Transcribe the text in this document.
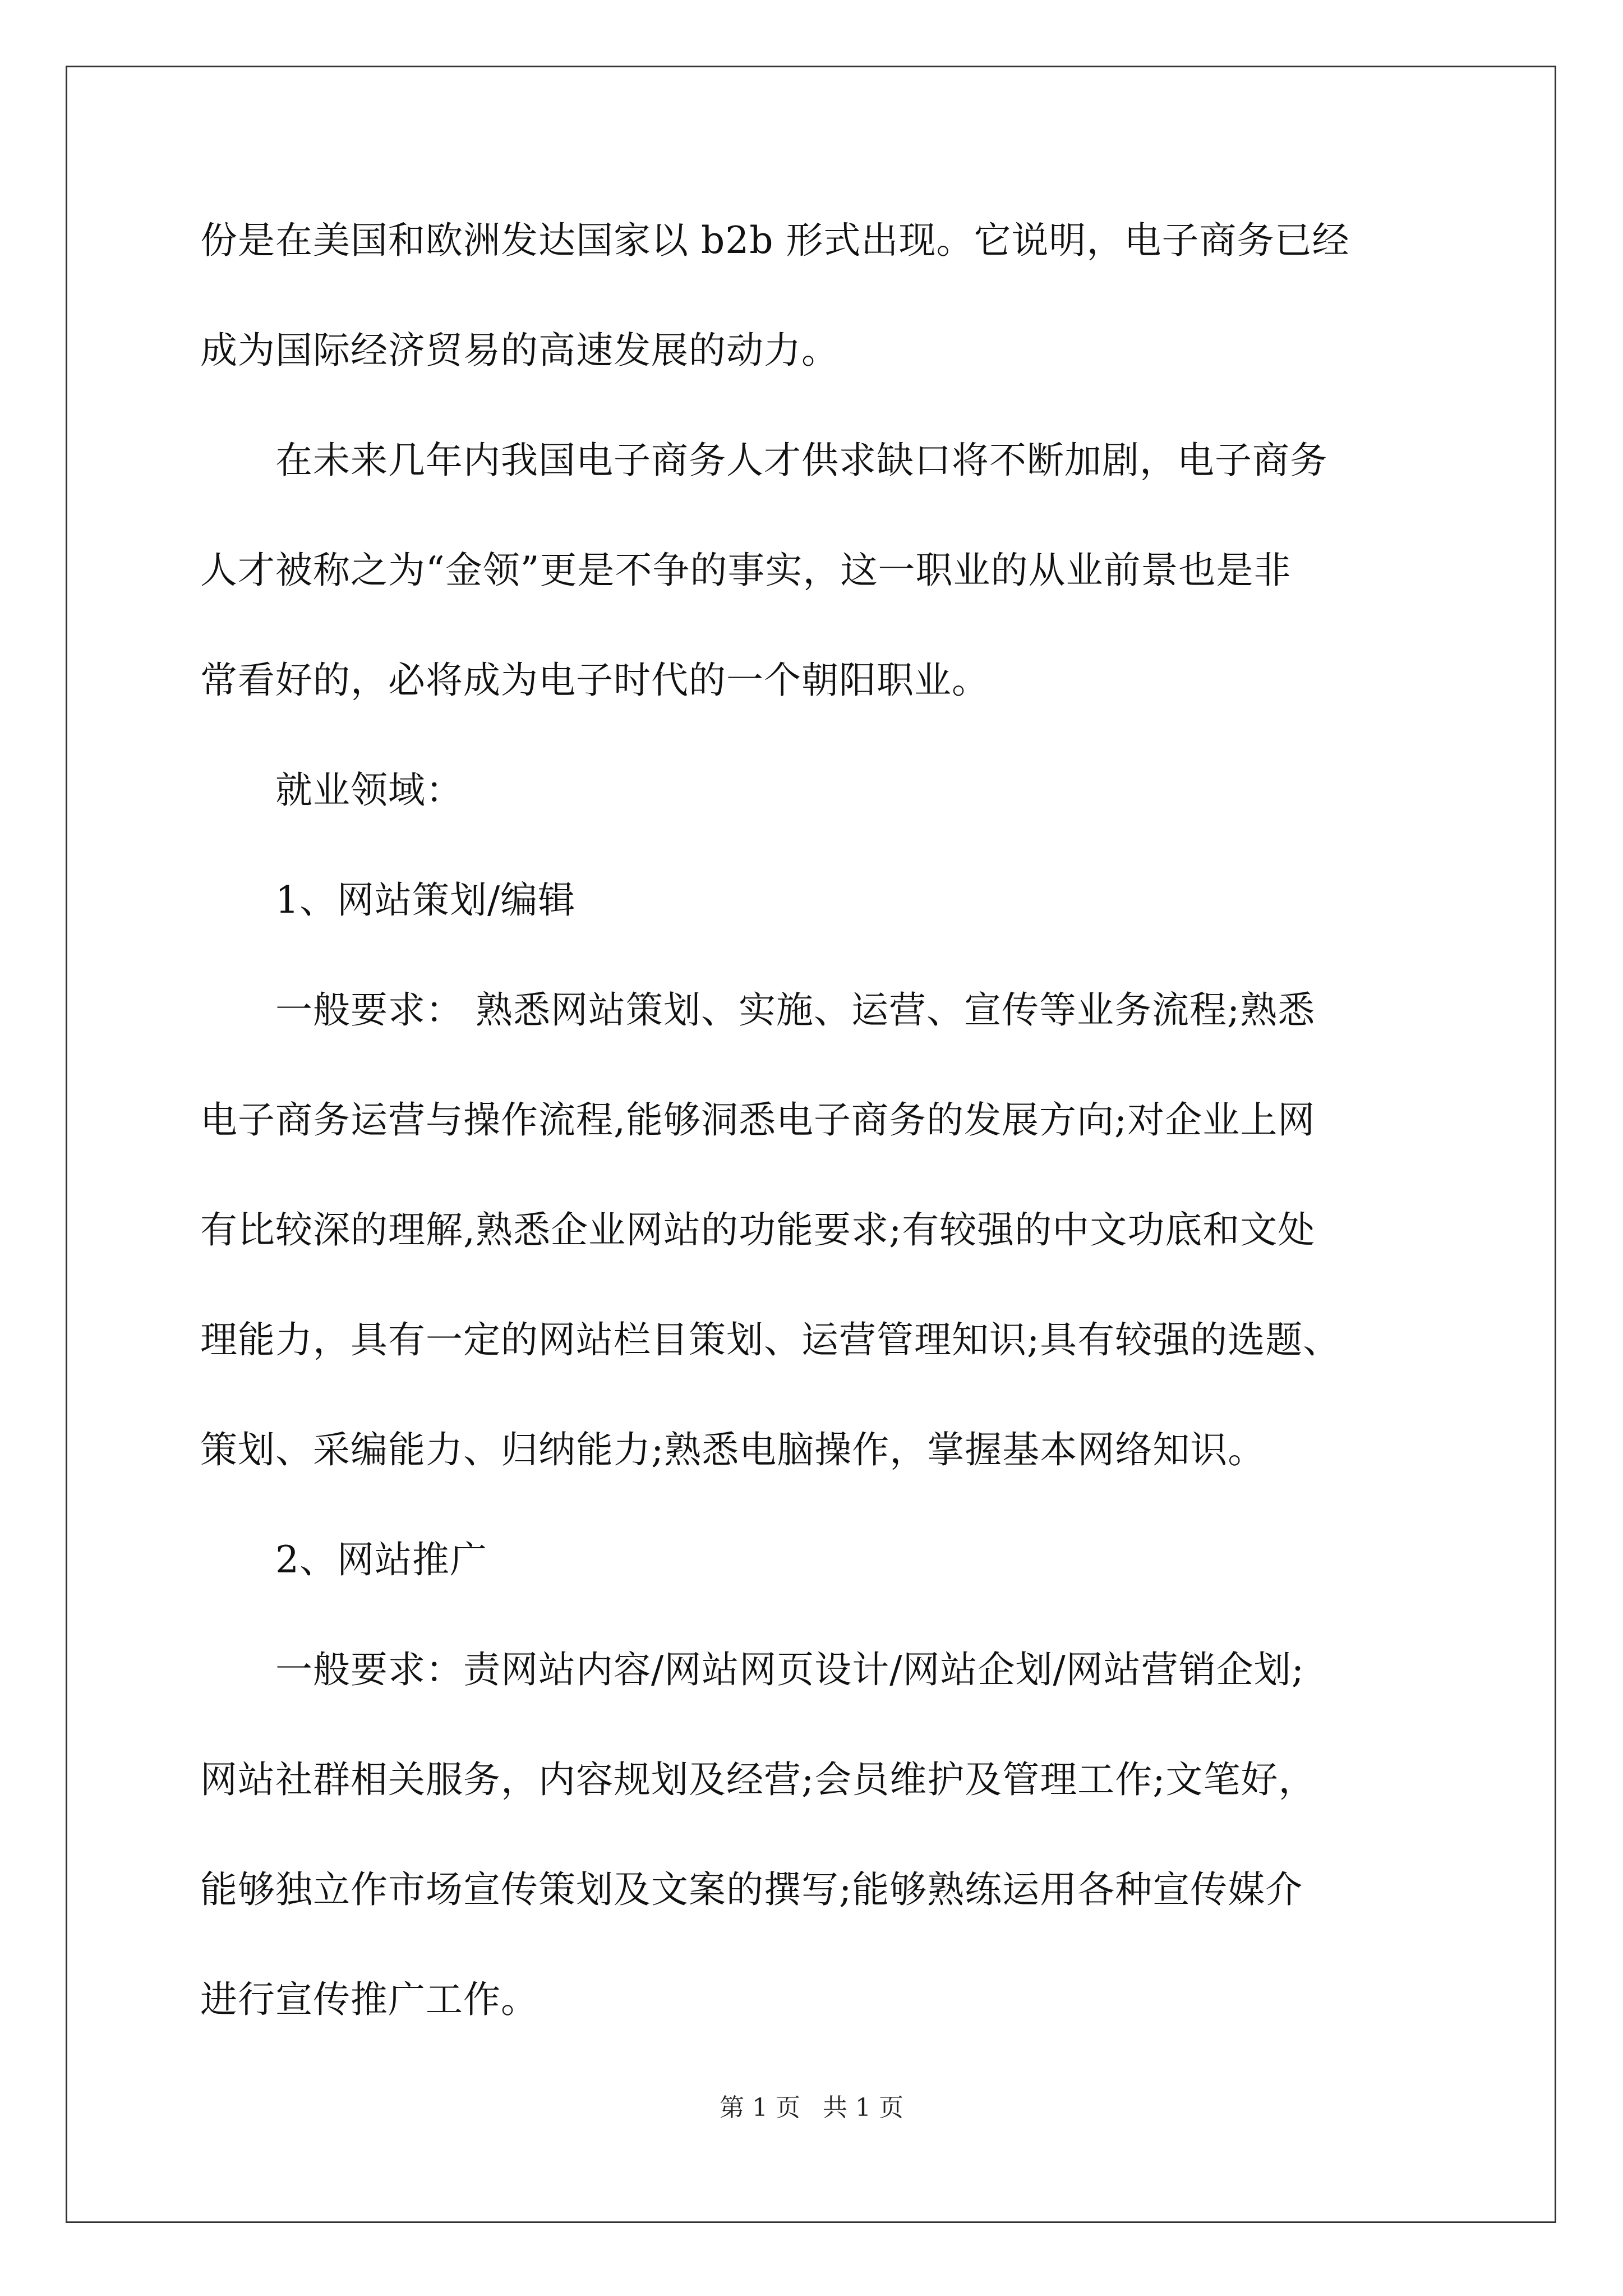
份是在美国和欧洲发达国家以 b2b 形式出现。它说明，电子商务已经
成为国际经济贸易的高速发展的动力。
在未来几年内我国电子商务人才供求缺口将不断加剧，电子商务
人才被称之为“金领”更是不争的事实，这一职业的从业前景也是非
常看好的，必将成为电子时代的一个朝阳职业。
就业领域：
1、网站策划/编辑
一般要求： 熟悉网站策划、实施、运营、宣传等业务流程;熟悉
电子商务运营与操作流程,能够洞悉电子商务的发展方向;对企业上网
有比较深的理解,熟悉企业网站的功能要求;有较强的中文功底和文处
理能力，具有一定的网站栏目策划、运营管理知识;具有较强的选题、
策划、采编能力、归纳能力;熟悉电脑操作，掌握基本网络知识。
2、网站推广
一般要求：责网站内容/网站网页设计/网站企划/网站营销企划;
网站社群相关服务，内容规划及经营;会员维护及管理工作;文笔好，
能够独立作市场宣传策划及文案的撰写;能够熟练运用各种宣传媒介
进行宣传推广工作。
第 1 页 共 1 页
